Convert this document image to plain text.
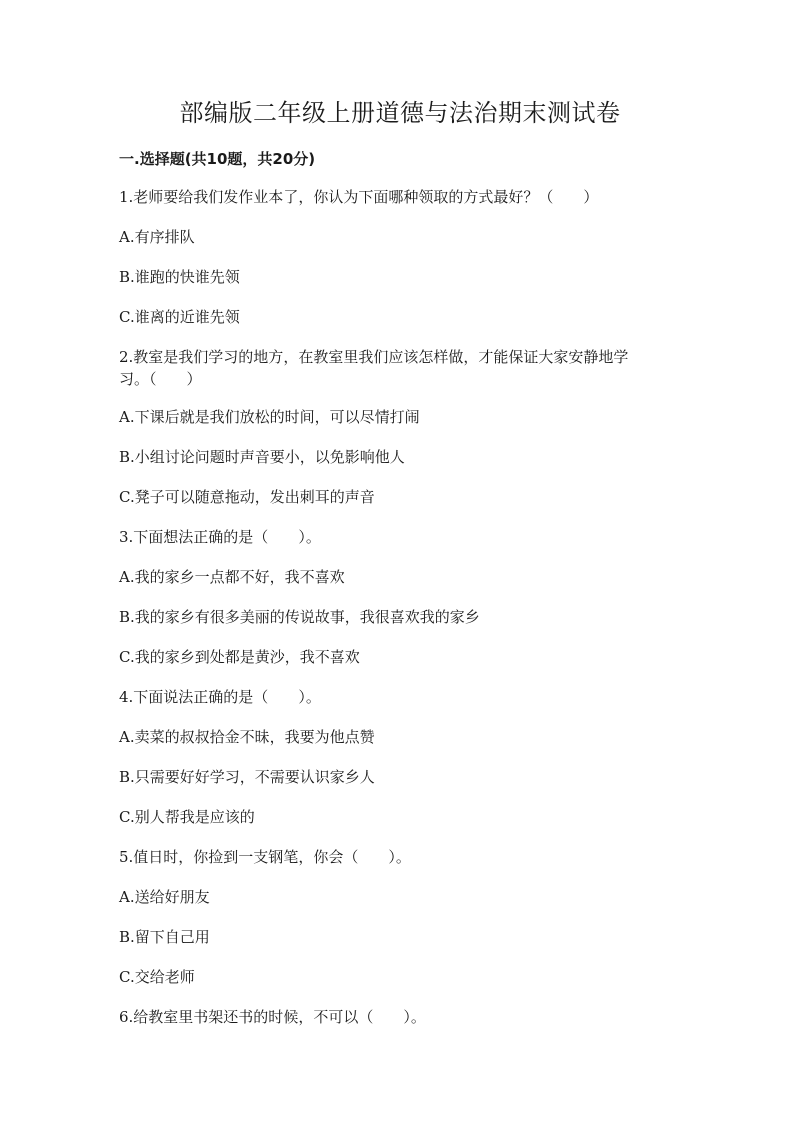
部编版二年级上册道德与法治期末测试卷
一.选择题(共10题，共20分)
1.老师要给我们发作业本了，你认为下面哪种领取的方式最好？（　　）
A.有序排队
B.谁跑的快谁先领
C.谁离的近谁先领
2.教室是我们学习的地方，在教室里我们应该怎样做，才能保证大家安静地学
习。（　　）
A.下课后就是我们放松的时间，可以尽情打闹
B.小组讨论问题时声音要小，以免影响他人
C.凳子可以随意拖动，发出刺耳的声音
3.下面想法正确的是（　　）。
A.我的家乡一点都不好，我不喜欢
B.我的家乡有很多美丽的传说故事，我很喜欢我的家乡
C.我的家乡到处都是黄沙，我不喜欢
4.下面说法正确的是（　　）。
A.卖菜的叔叔拾金不昧，我要为他点赞
B.只需要好好学习，不需要认识家乡人
C.别人帮我是应该的
5.值日时，你捡到一支钢笔，你会（　　）。
A.送给好朋友
B.留下自己用
C.交给老师
6.给教室里书架还书的时候，不可以（　　）。
